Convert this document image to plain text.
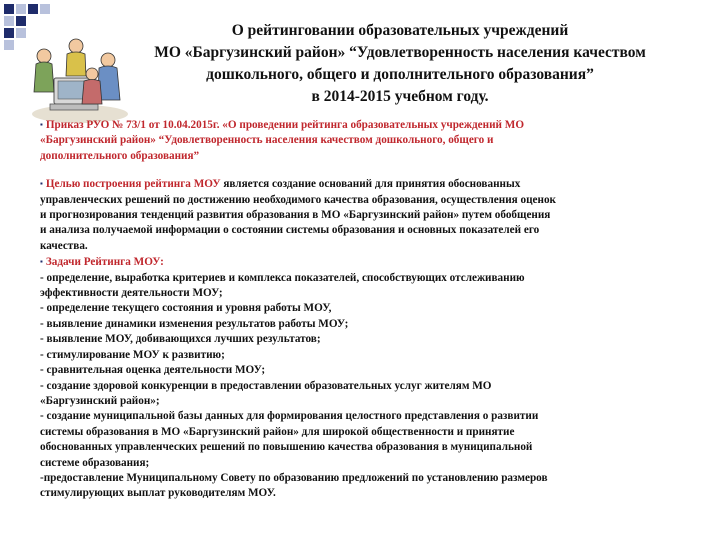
О рейтинговании образовательных учреждений
МО «Баргузинский район» “Удовлетворенность населения качеством
дошкольного, общего и дополнительного образования”
в 2014-2015 учебном году.

▪ Приказ РУО № 73/1 от 10.04.2015г. «О проведении рейтинга образовательных учреждений МО
«Баргузинский район» “Удовлетворенность населения качеством дошкольного, общего и
дополнительного образования”

▪ Целью построения рейтинга МОУ является создание оснований для принятия обоснованных
управленческих решений по достижению необходимого качества образования, осуществления оценок
и прогнозирования тенденций развития образования в МО «Баргузинский район» путем обобщения
и анализа получаемой информации о состоянии системы образования и основных показателей его
качества.

▪ Задачи Рейтинга МОУ:
- определение, выработка критериев и комплекса показателей, способствующих отслеживанию
эффективности деятельности МОУ;
- определение текущего состояния и уровня работы МОУ,
- выявление динамики изменения результатов работы МОУ;
- выявление МОУ, добивающихся лучших результатов;
- стимулирование МОУ к развитию;
- сравнительная оценка деятельности МОУ;
- создание здоровой конкуренции в предоставлении образовательных услуг жителям МО
«Баргузинский район»;
- создание муниципальной базы данных для формирования целостного представления о развитии
системы образования в МО «Баргузинский район» для широкой общественности и принятие
обоснованных управленческих решений по повышению качества образования в муниципальной
системе образования;
-предоставление Муниципальному Совету по образованию предложений по установлению размеров
стимулирующих выплат руководителям МОУ.
